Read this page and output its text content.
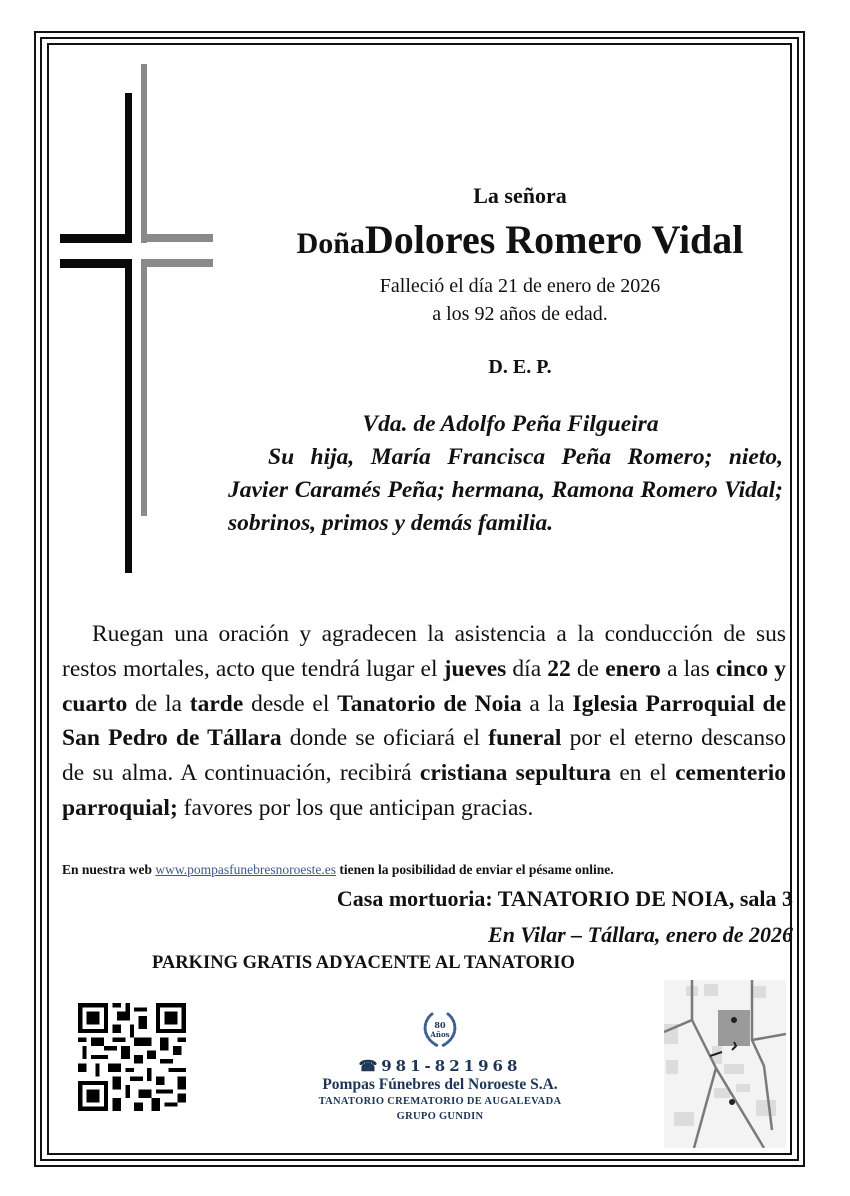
La señora
DoñaDolores Romero Vidal
Falleció el día 21 de enero de 2026
a los 92 años de edad.
D. E. P.
Vda. de Adolfo Peña Filgueira
Su hija, María Francisca Peña Romero; nieto, Javier Caramés Peña; hermana, Ramona Romero Vidal; sobrinos, primos y demás familia.
Ruegan una oración y agradecen la asistencia a la conducción de sus restos mortales, acto que tendrá lugar el jueves día 22 de enero a las cinco y cuarto de la tarde desde el Tanatorio de Noia a la Iglesia Parroquial de San Pedro de Tállara donde se oficiará el funeral por el eterno descanso de su alma. A continuación, recibirá cristiana sepultura en el cementerio parroquial; favores por los que anticipan gracias.
En nuestra web www.pompasfunebresnoroeste.es tienen la posibilidad de enviar el pésame online.
Casa mortuoria: TANATORIO DE NOIA, sala 3
En Vilar – Tállara, enero de 2026
PARKING GRATIS ADYACENTE AL TANATORIO
80
Años
☎981-821968
Pompas Fúnebres del Noroeste S.A.
TANATORIO CREMATORIO DE AUGALEVADA
GRUPO GUNDIN
